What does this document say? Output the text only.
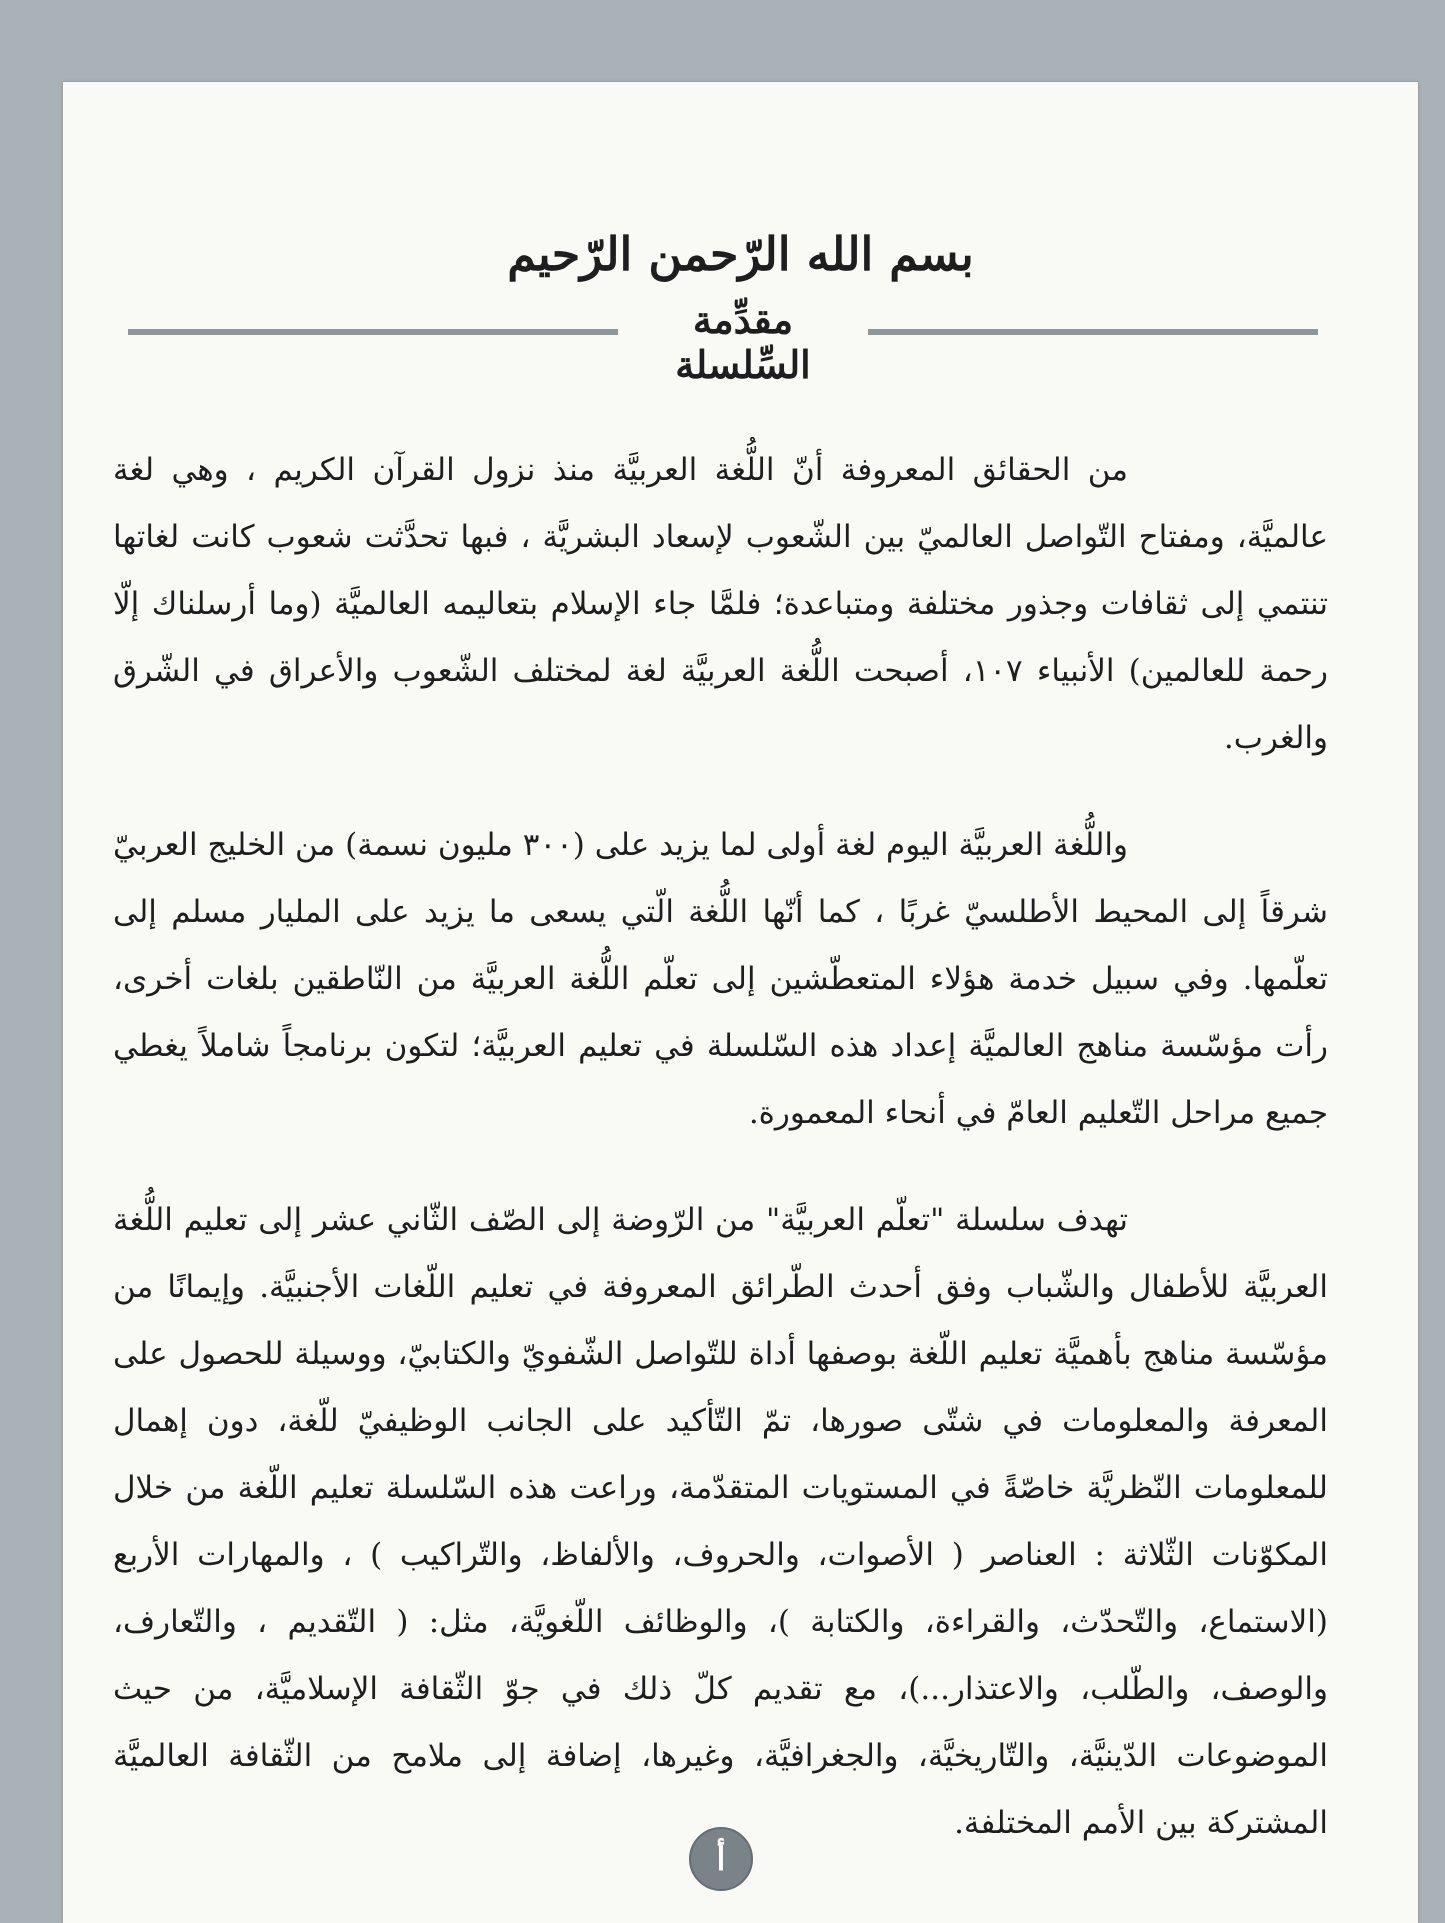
بسم الله الرّحمن الرّحيم
مقدِّمة السِّلسلة

من الحقائق المعروفة أنّ اللُّغة العربيَّة منذ نزول القرآن الكريم ، وهي لغة عالميَّة، ومفتاح التّواصل العالميّ بين الشّعوب لإسعاد البشريَّة ، فبها تحدَّثت شعوب كانت لغاتها تنتمي إلى ثقافات وجذور مختلفة ومتباعدة؛ فلمَّا جاء الإسلام بتعاليمه العالميَّة (وما أرسلناك إلّا رحمة للعالمين) الأنبياء ١٠٧، أصبحت اللُّغة العربيَّة لغة لمختلف الشّعوب والأعراق في الشّرق والغرب.

واللُّغة العربيَّة اليوم لغة أولى لما يزيد على (٣٠٠ مليون نسمة) من الخليج العربيّ شرقاً إلى المحيط الأطلسيّ غربًا ، كما أنّها اللُّغة الّتي يسعى ما يزيد على المليار مسلم إلى تعلّمها. وفي سبيل خدمة هؤلاء المتعطّشين إلى تعلّم اللُّغة العربيَّة من النّاطقين بلغات أخرى، رأت مؤسّسة مناهج العالميَّة إعداد هذه السّلسلة في تعليم العربيَّة؛ لتكون برنامجاً شاملاً يغطي جميع مراحل التّعليم العامّ في أنحاء المعمورة.

تهدف سلسلة "تعلّم العربيَّة" من الرّوضة إلى الصّف الثّاني عشر إلى تعليم اللُّغة العربيَّة للأطفال والشّباب وفق أحدث الطّرائق المعروفة في تعليم اللّغات الأجنبيَّة. وإيمانًا من مؤسّسة مناهج بأهميَّة تعليم اللّغة بوصفها أداة للتّواصل الشّفويّ والكتابيّ، ووسيلة للحصول على المعرفة والمعلومات في شتّى صورها، تمّ التّأكيد على الجانب الوظيفيّ للّغة، دون إهمال للمعلومات النّظريَّة خاصّةً في المستويات المتقدّمة، وراعت هذه السّلسلة تعليم اللّغة من خلال المكوّنات الثّلاثة : العناصر ( الأصوات، والحروف، والألفاظ، والتّراكيب ) ، والمهارات الأربع (الاستماع، والتّحدّث، والقراءة، والكتابة )، والوظائف اللّغويَّة، مثل: ( التّقديم ، والتّعارف، والوصف، والطّلب، والاعتذار...)، مع تقديم كلّ ذلك في جوّ الثّقافة الإسلاميَّة، من حيث الموضوعات الدّينيَّة، والتّاريخيَّة، والجغرافيَّة، وغيرها، إضافة إلى ملامح من الثّقافة العالميَّة المشتركة بين الأمم المختلفة.

أ
